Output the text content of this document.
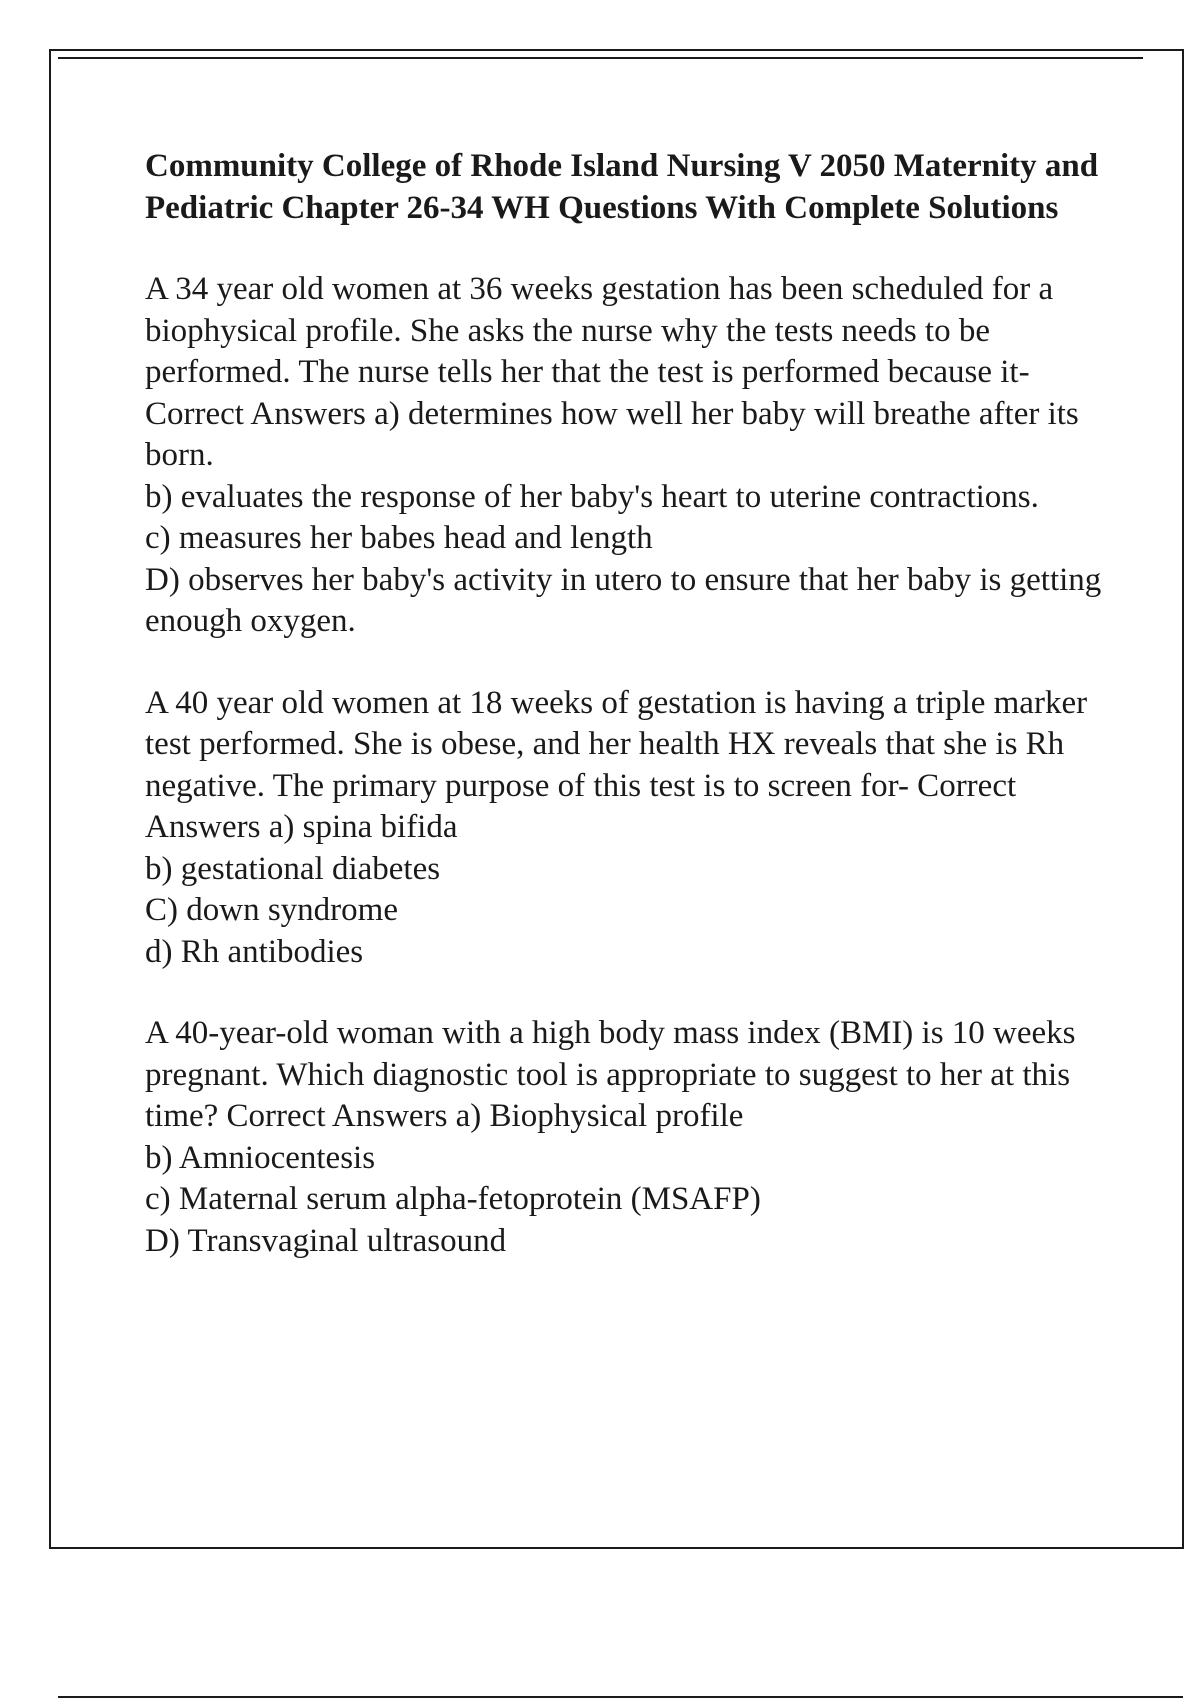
Community College of Rhode Island Nursing V 2050 Maternity and Pediatric Chapter 26-34 WH Questions With Complete Solutions

A 34 year old women at 36 weeks gestation has been scheduled for a biophysical profile. She asks the nurse why the tests needs to be performed. The nurse tells her that the test is performed because it- Correct Answers a) determines how well her baby will breathe after its born.

b) evaluates the response of her baby's heart to uterine contractions.

c) measures her babes head and length

D) observes her baby's activity in utero to ensure that her baby is getting enough oxygen.

A 40 year old women at 18 weeks of gestation is having a triple marker test performed. She is obese, and her health HX reveals that she is Rh negative. The primary purpose of this test is to screen for- Correct Answers a) spina bifida

b) gestational diabetes

C) down syndrome

d) Rh antibodies

A 40-year-old woman with a high body mass index (BMI) is 10 weeks pregnant. Which diagnostic tool is appropriate to suggest to her at this time? Correct Answers a) Biophysical profile

b) Amniocentesis

c) Maternal serum alpha-fetoprotein (MSAFP)

D) Transvaginal ultrasound
